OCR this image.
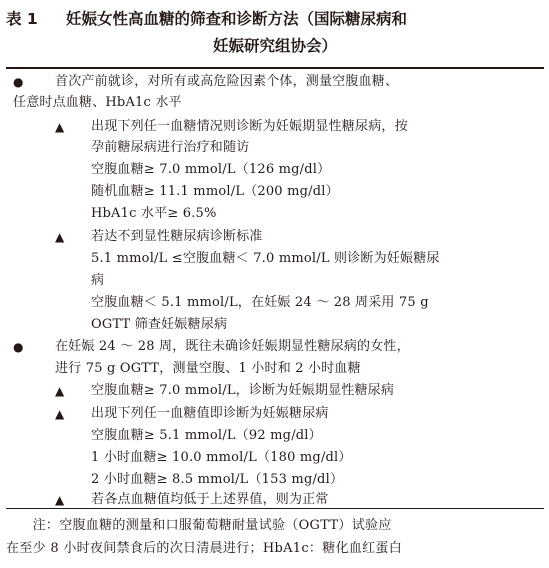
表 1 妊娠女性高血糖的筛查和诊断方法（国际糖尿病和
妊娠研究组协会）
● 首次产前就诊，对所有或高危险因素个体，测量空腹血糖、
任意时点血糖、HbA1c 水平
▲ 出现下列任一血糖情况则诊断为妊娠期显性糖尿病，按
孕前糖尿病进行治疗和随访
空腹血糖≥ 7.0 mmol/L（126 mg/dl）
随机血糖≥ 11.1 mmol/L（200 mg/dl）
HbA1c 水平≥ 6.5%
▲ 若达不到显性糖尿病诊断标准
5.1 mmol/L ≤空腹血糖＜ 7.0 mmol/L 则诊断为妊娠糖尿
病
空腹血糖＜ 5.1 mmol/L，在妊娠 24 ～ 28 周采用 75 g
OGTT 筛查妊娠糖尿病
● 在妊娠 24 ～ 28 周，既往未确诊妊娠期显性糖尿病的女性，
进行 75 g OGTT，测量空腹、1 小时和 2 小时血糖
▲ 空腹血糖≥ 7.0 mmol/L，诊断为妊娠期显性糖尿病
▲ 出现下列任一血糖值即诊断为妊娠糖尿病
空腹血糖≥ 5.1 mmol/L（92 mg/dl）
1 小时血糖≥ 10.0 mmol/L（180 mg/dl）
2 小时血糖≥ 8.5 mmol/L（153 mg/dl）
▲ 若各点血糖值均低于上述界值，则为正常
　　注：空腹血糖的测量和口服葡萄糖耐量试验（OGTT）试验应
在至少 8 小时夜间禁食后的次日清晨进行；HbA1c：糖化血红蛋白
